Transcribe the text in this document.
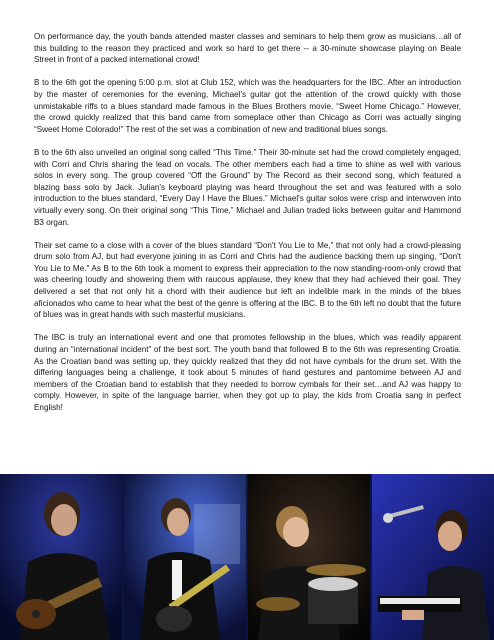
On performance day, the youth bands attended master classes and seminars to help them grow as musicians…all of this building to the reason they practiced and work so hard to get there -- a 30-minute showcase playing on Beale Street in front of a packed international crowd!

B to the 6th got the opening 5:00 p.m. slot at Club 152, which was the headquarters for the IBC. After an introduction by the master of ceremonies for the evening, Michael's guitar got the attention of the crowd quickly with those unmistakable riffs to a blues standard made famous in the Blues Brothers movie, “Sweet Home Chicago.” However, the crowd quickly realized that this band came from someplace other than Chicago as Corri was actually singing “Sweet Home Colorado!” The rest of the set was a combination of new and traditional blues songs.

B to the 6th also unveiled an original song called “This Time.” Their 30-minute set had the crowd completely engaged, with Corri and Chris sharing the lead on vocals. The other members each had a time to shine as well with various solos in every song. The group covered “Off the Ground” by The Record as their second song, which featured a blazing bass solo by Jack. Julian's keyboard playing was heard throughout the set and was featured with a solo introduction to the blues standard, “Every Day I Have the Blues.” Michael's guitar solos were crisp and interwoven into virtually every song. On their original song “This Time,” Michael and Julian traded licks between guitar and Hammond B3 organ.

Their set came to a close with a cover of the blues standard “Don't You Lie to Me,” that not only had a crowd-pleasing drum solo from AJ, but had everyone joining in as Corri and Chris had the audience backing them up singing, "Don't You Lie to Me." As B to the 6th took a moment to express their appreciation to the now standing-room-only crowd that was cheering loudly and showering them with raucous applause, they knew that they had achieved their goal. They delivered a set that not only hit a chord with their audience but left an indelible mark in the minds of the blues aficionados who came to hear what the best of the genre is offering at the IBC. B to the 6th left no doubt that the future of blues was in great hands with such masterful musicians.

The IBC is truly an international event and one that promotes fellowship in the blues, which was readily apparent during an “international incident” of the best sort. The youth band that followed B to the 6th was representing Croatia. As the Croatian band was setting up, they quickly realized that they did not have cymbals for the drum set. With the differing languages being a challenge, it took about 5 minutes of hand gestures and pantomime between AJ and members of the Croatian band to establish that they needed to borrow cymbals for their set…and AJ was happy to comply. However, in spite of the language barrier, when they got up to play, the kids from Croatia sang in perfect English!
